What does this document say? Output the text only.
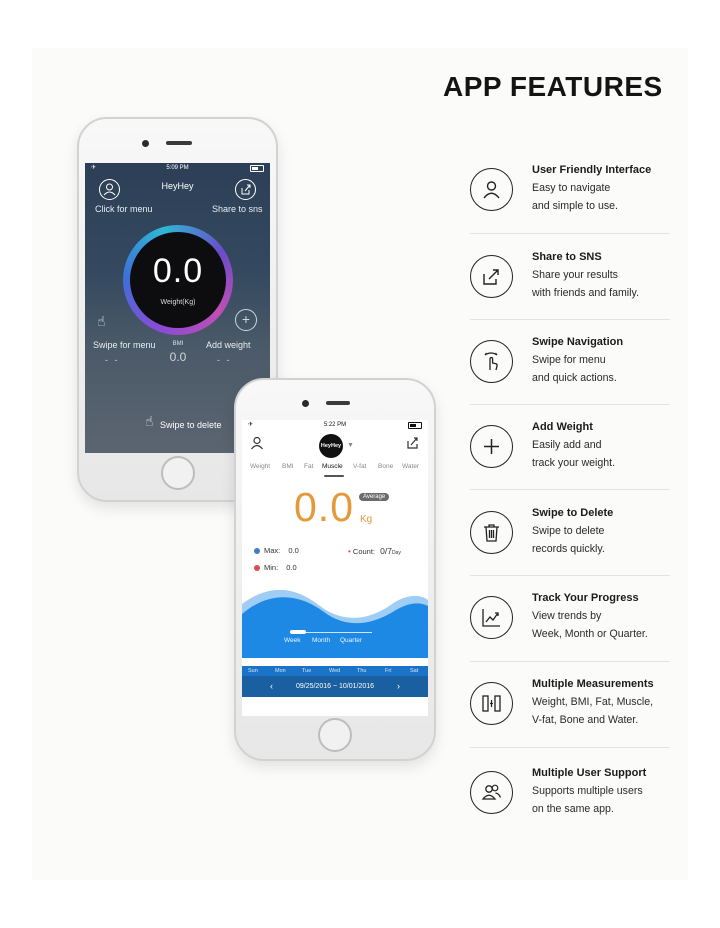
✈	5:09 PM
HeyHey
Click for menu	Share to sns
0.0
Weight(Kg)
+
☝
Swipe for menu	Add weight
BMI
0.0
- -	- -
☝ Swipe to delete	✈	5:22 PM
HeyHey ▼
Weight BMI Fat Muscle V-fat Bone Water
0.0	Average
Kg
Max: 0.0
Min: 0.0
• Count: 0/7Day
Week Month Quarter
Sun	Mon	Tue	Wed	Thu	Fri	Sat
‹	09/25/2016 ~ 10/01/2016	›
APP FEATURES
User Friendly Interface
Easy to navigate
and simple to use.
Share to SNS
Share your results
with friends and family.
Swipe Navigation
Swipe for menu
and quick actions.
Add Weight
Easily add and
track your weight.
Swipe to Delete
Swipe to delete
records quickly.
Track Your Progress
View trends by
Week, Month or Quarter.
Multiple Measurements
Weight, BMI, Fat, Muscle,
V-fat, Bone and Water.
Multiple User Support
Supports multiple users
on the same app.
